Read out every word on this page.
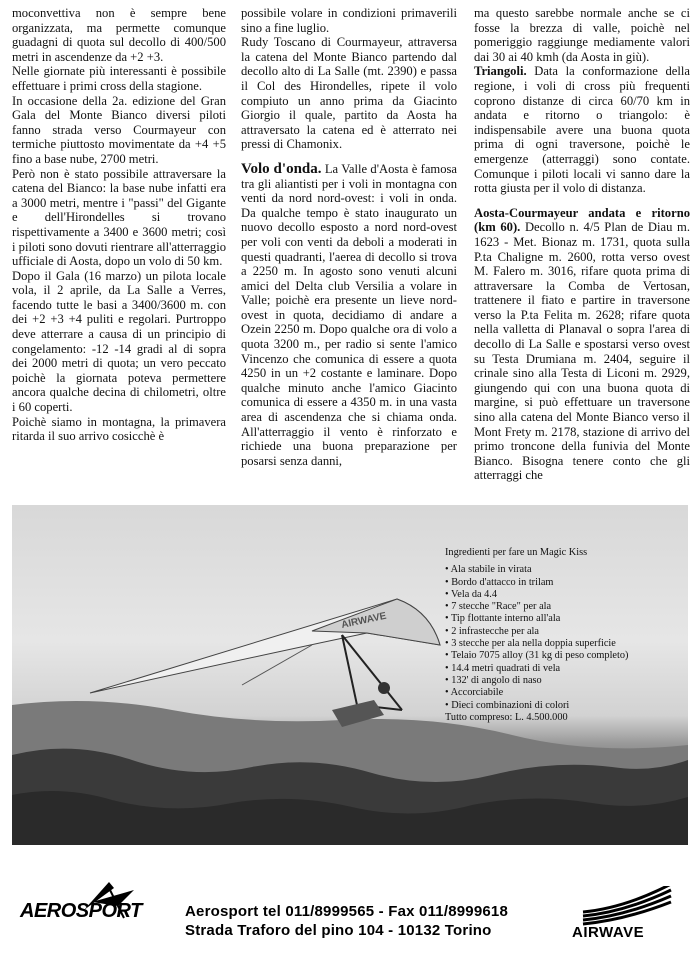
moconvettiva non è sempre bene organizzata, ma permette comunque guadagni di quota sul decollo di 400/500 metri in ascendenze da +2 +3.

Nelle giornate più interessanti è possibile effettuare i primi cross della stagione.

In occasione della 2a. edizione del Gran Gala del Monte Bianco diversi piloti fanno strada verso Courmayeur con termiche piuttosto movimentate da +4 +5 fino a base nube, 2700 metri.

Però non è stato possibile attraversare la catena del Bianco: la base nube infatti era a 3000 metri, mentre i "passi" del Gigante e dell'Hirondelles si trovano rispettivamente a 3400 e 3600 metri; così i piloti sono dovuti rientrare all'atterraggio ufficiale di Aosta, dopo un volo di 50 km.

Dopo il Gala (16 marzo) un pilota locale vola, il 2 aprile, da La Salle a Verres, facendo tutte le basi a 3400/3600 m. con dei +2 +3 +4 puliti e regolari. Purtroppo deve atterrare a causa di un principio di congelamento: -12 -14 gradi al di sopra dei 2000 metri di quota; un vero peccato poichè la giornata poteva permettere ancora qualche decina di chilometri, oltre i 60 coperti.

Poichè siamo in montagna, la primavera ritarda il suo arrivo cosicchè è

possibile volare in condizioni primaverili sino a fine luglio.

Rudy Toscano di Courmayeur, attraversa la catena del Monte Bianco partendo dal decollo alto di La Salle (mt. 2390) e passa il Col des Hirondelles, ripete il volo compiuto un anno prima da Giacinto Giorgio il quale, partito da Aosta ha attraversato la catena ed è atterrato nei pressi di Chamonix.

Volo d'onda. La Valle d'Aosta è famosa tra gli aliantisti per i voli in montagna con venti da nord nord-ovest: i voli in onda. Da qualche tempo è stato inaugurato un nuovo decollo esposto a nord nord-ovest per voli con venti da deboli a moderati in questi quadranti, l'aerea di decollo si trova a 2250 m. In agosto sono venuti alcuni amici del Delta club Versilia a volare in Valle; poichè era presente un lieve nord-ovest in quota, decidiamo di andare a Ozein 2250 m. Dopo qualche ora di volo a quota 3200 m., per radio si sente l'amico Vincenzo che comunica di essere a quota 4250 in un +2 costante e laminare. Dopo qualche minuto anche l'amico Giacinto comunica di essere a 4350 m. in una vasta area di ascendenza che si chiama onda. All'atterraggio il vento è rinforzato e richiede una buona preparazione per posarsi senza danni,

ma questo sarebbe normale anche se ci fosse la brezza di valle, poichè nel pomeriggio raggiunge mediamente valori dai 30 ai 40 kmh (da Aosta in giù).

Triangoli. Data la conformazione della regione, i voli di cross più frequenti coprono distanze di circa 60/70 km in andata e ritorno o triangolo: è indispensabile avere una buona quota prima di ogni traversone, poichè le emergenze (atterraggi) sono contate. Comunque i piloti locali vi sanno dare la rotta giusta per il volo di distanza.

Aosta-Courmayeur andata e ritorno (km 60). Decollo n. 4/5 Plan de Diau m. 1623 - Met. Bionaz m. 1731, quota sulla P.ta Chaligne m. 2600, rotta verso ovest M. Falero m. 3016, rifare quota prima di attraversare la Comba de Vertosan, trattenere il fiato e partire in traversone verso la P.ta Felita m. 2628; rifare quota nella valletta di Planaval o sopra l'area di decollo di La Salle e spostarsi verso ovest su Testa Drumiana m. 2404, seguire il crinale sino alla Testa di Liconi m. 2929, giungendo qui con una buona quota di margine, si può effettuare un traversone sino alla catena del Monte Bianco verso il Mont Frety m. 2178, stazione di arrivo del primo troncone della funivia del Monte Bianco. Bisogna tenere conto che gli atterraggi che

AIRWAVE
Ingredienti per fare un Magic Kiss
• Ala stabile in virata
• Bordo d'attacco in trilam
• Vela da 4.4
• 7 stecche "Race" per ala
• Tip flottante interno all'ala
• 2 infrastecche per ala
• 3 stecche per ala nella doppia superficie
• Telaio 7075 alloy (31 kg di peso completo)
• 14.4 metri quadrati di vela
• 132' di angolo di naso
• Accorciabile
• Dieci combinazioni di colori
Tutto compreso: L. 4.500.000
AEROSPORT	Aerosport tel 011/8999565 - Fax 011/8999618
Strada Traforo del pino 104 - 10132 Torino	AIRWAVE
